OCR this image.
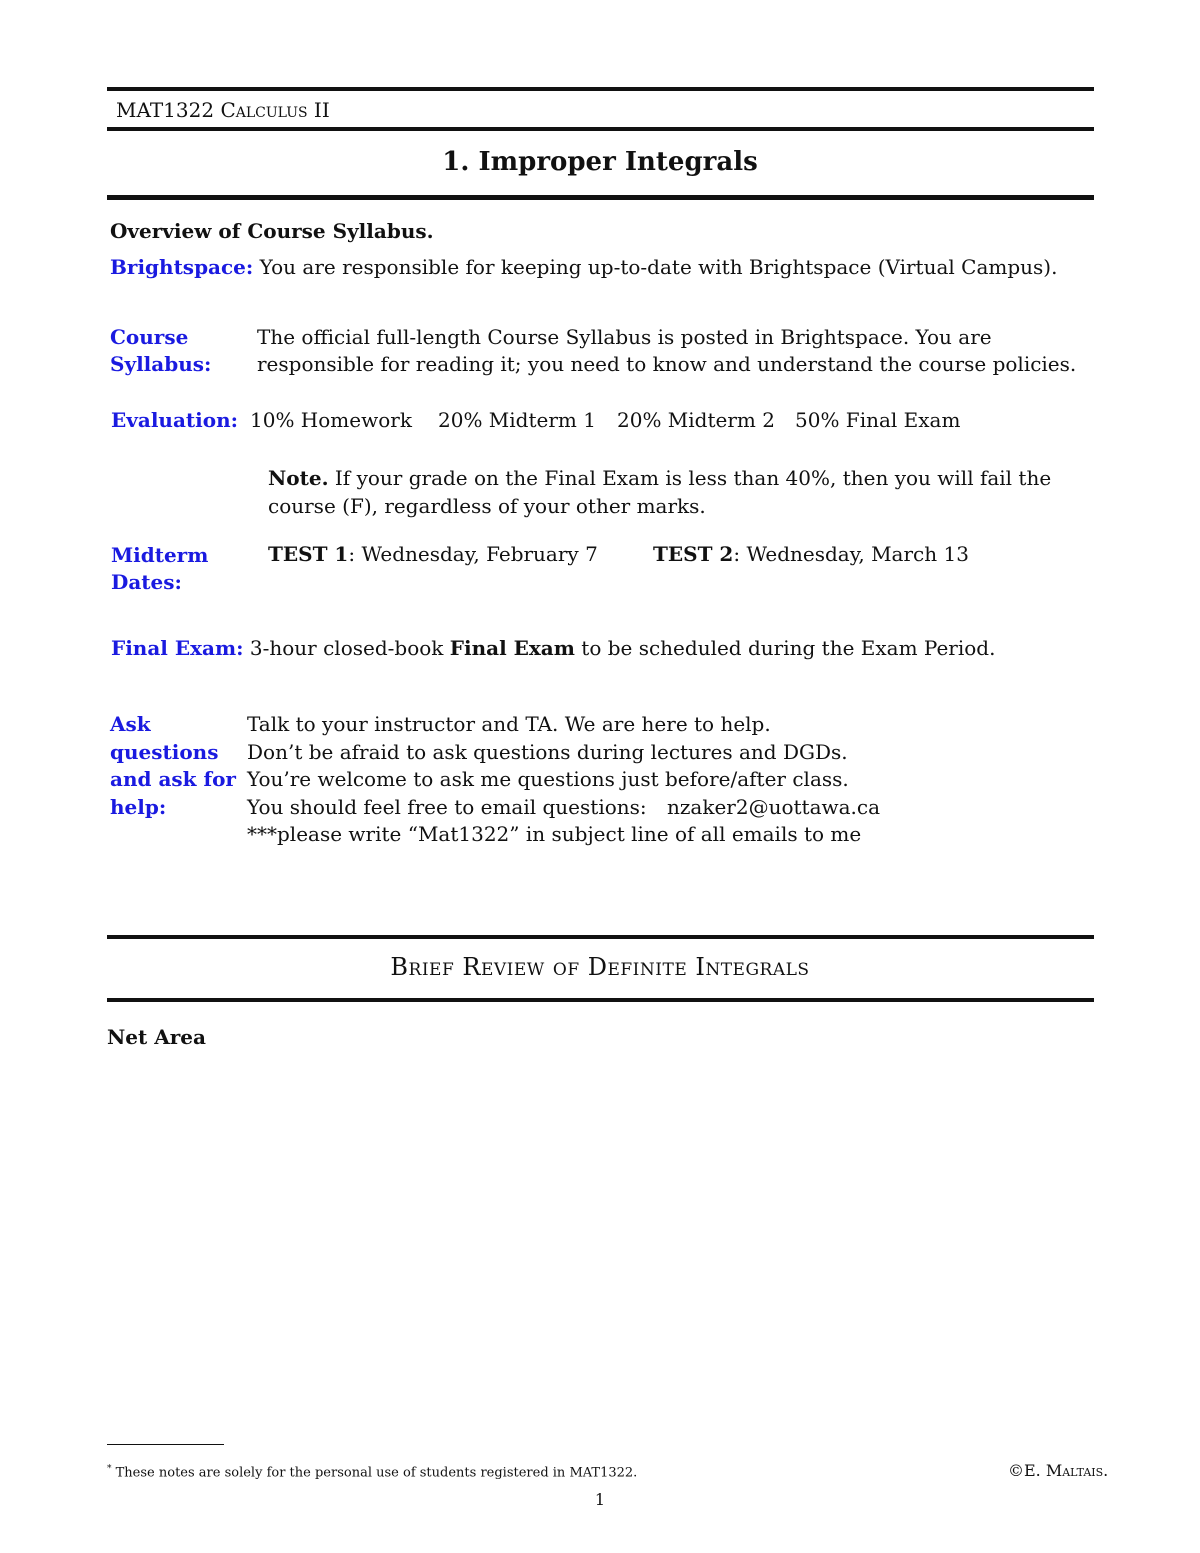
MAT1322 Calculus II
1. Improper Integrals
Overview of Course Syllabus.
Brightspace: You are responsible for keeping up-to-date with Brightspace (Virtual Campus).
Course
Syllabus:
The official full-length Course Syllabus is posted in Brightspace. You are
responsible for reading it; you need to know and understand the course policies.
Evaluation: 10% Homework 20% Midterm 1 20% Midterm 2 50% Final Exam
Note. If your grade on the Final Exam is less than 40%, then you will fail the
course (F), regardless of your other marks.
Midterm
Dates:
TEST 1: Wednesday, February 7	TEST 2: Wednesday, March 13
Final Exam: 3-hour closed-book Final Exam to be scheduled during the Exam Period.
Ask
questions
and ask for
help:
Talk to your instructor and TA. We are here to help.
Don’t be afraid to ask questions during lectures and DGDs.
You’re welcome to ask me questions just before/after class.
You should feel free to email questions: nzaker2@uottawa.ca
***please write “Mat1322” in subject line of all emails to me
Brief Review of Definite Integrals
Net Area
* These notes are solely for the personal use of students registered in MAT1322.	©E. Maltais.
1
